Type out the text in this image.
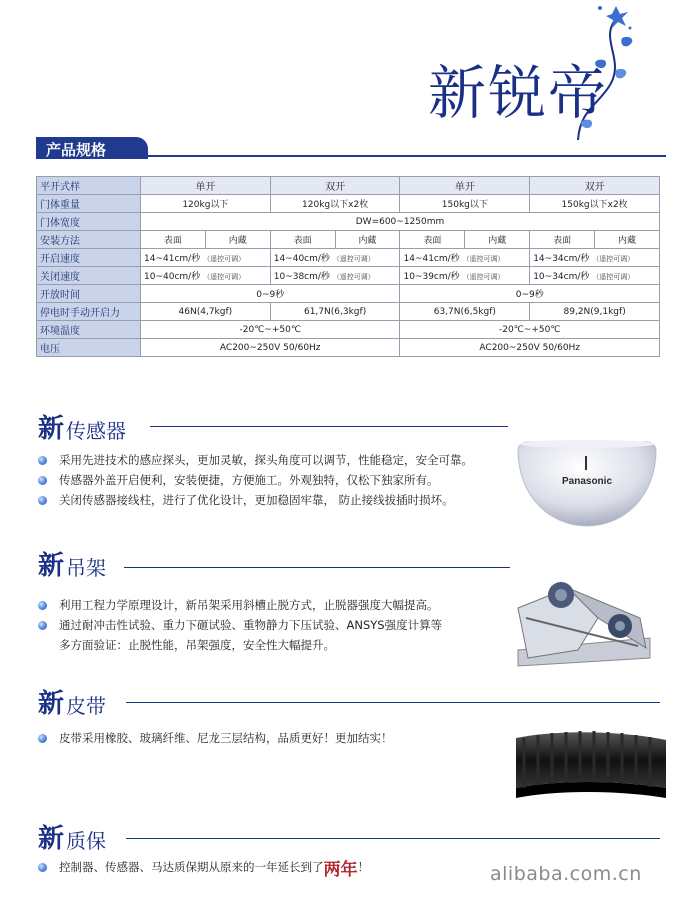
新锐帝
产品规格
平开式样	单开		双开		单开		双开	
门体重量	120kg以下		120kg以下x2枚		150kg以下		150kg以下x2枚	
门体宽度	DW=600~1250mm							
安装方法	表面	内藏	表面	内藏	表面	内藏	表面	内藏
开启速度	14~41cm/秒 （遥控可调）		14~40cm/秒 （遥控可调）		14~41cm/秒 （遥控可调）		14~34cm/秒 （遥控可调）	
关闭速度	10~40cm/秒 （遥控可调）		10~38cm/秒 （遥控可调）		10~39cm/秒 （遥控可调）		10~34cm/秒 （遥控可调）	
开放时间	0~9秒				0~9秒			
停电时手动开启力	46N(4,7kgf)		61,7N(6,3kgf)		63,7N(6,5kgf)		89,2N(9,1kgf)	
环境温度	-20℃~+50℃				-20℃~+50℃			
电压	AC200~250V 50/60Hz				AC200~250V 50/60Hz			
新 传感器
采用先进技术的感应探头，更加灵敏，探头角度可以调节，性能稳定，安全可靠。
传感器外盖开启便利，安装便捷，方便施工。外观独特，仅松下独家所有。
关闭传感器接线柱，进行了优化设计，更加稳固牢靠， 防止接线拔插时损坏。
Panasonic
新 吊架
利用工程力学原理设计，新吊架采用斜槽止脱方式，止脱器强度大幅提高。
通过耐冲击性试验、重力下砸试验、重物静力下压试验、ANSYS强度计算等
多方面验证：止脱性能，吊架强度，安全性大幅提升。
新 皮带
皮带采用橡胶、玻璃纤维、尼龙三层结构，品质更好！更加结实！
新 质保
控制器、传感器、马达质保期从原来的一年延长到了 两年 ！	alibaba.com.cn
